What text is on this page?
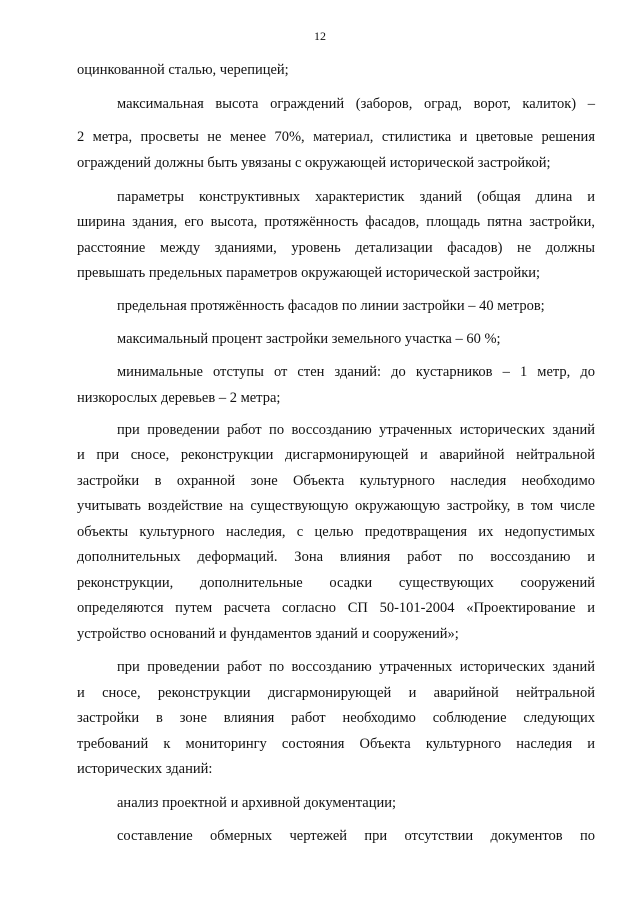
12
оцинкованной сталью, черепицей;
максимальная высота ограждений (заборов, оград, ворот, калиток) –
2 метра, просветы не менее 70%, материал, стилистика и цветовые решения
ограждений должны быть увязаны с окружающей исторической застройкой;
параметры конструктивных характеристик зданий (общая длина и
ширина здания, его высота, протяжённость фасадов, площадь пятна застройки,
расстояние между зданиями, уровень детализации фасадов) не должны
превышать предельных параметров окружающей исторической застройки;
предельная протяжённость фасадов по линии застройки – 40 метров;
максимальный процент застройки земельного участка – 60 %;
минимальные отступы от стен зданий: до кустарников – 1 метр, до
низкорослых деревьев – 2 метра;
при проведении работ по воссозданию утраченных исторических зданий
и при сносе, реконструкции дисгармонирующей и аварийной нейтральной
застройки в охранной зоне Объекта культурного наследия необходимо
учитывать воздействие на существующую окружающую застройку, в том числе
объекты культурного наследия, с целью предотвращения их недопустимых
дополнительных деформаций. Зона влияния работ по воссозданию и
реконструкции, дополнительные осадки существующих сооружений
определяются путем расчета согласно СП 50-101-2004 «Проектирование и
устройство оснований и фундаментов зданий и сооружений»;
при проведении работ по воссозданию утраченных исторических зданий
и сносе, реконструкции дисгармонирующей и аварийной нейтральной
застройки в зоне влияния работ необходимо соблюдение следующих
требований к мониторингу состояния Объекта культурного наследия и
исторических зданий:
анализ проектной и архивной документации;
составление обмерных чертежей при отсутствии документов по
